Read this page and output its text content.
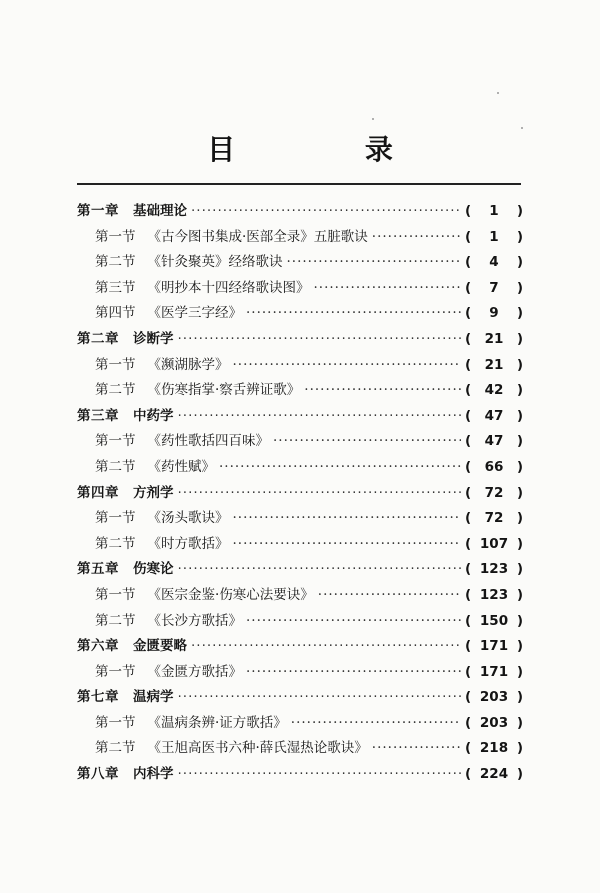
目 录
第一章 基础理论 ·····	(	1	)
第一节 《古今图书集成·医部全录》五脏歌诀 ·····	(	1	)
第二节 《针灸聚英》经络歌诀 ·····	(	4	)
第三节 《明抄本十四经络歌诀图》 ·····	(	7	)
第四节 《医学三字经》 ·····	(	9	)
第二章 诊断学 ·····	( 21 )
第一节 《濒湖脉学》 ·····	( 21 )
第二节 《伤寒指掌·察舌辨证歌》 ·····	( 42 )
第三章 中药学 ·····	( 47 )
第一节 《药性歌括四百味》 ·····	( 47 )
第二节 《药性赋》 ·····	( 66 )
第四章 方剂学 ·····	( 72 )
第一节 《汤头歌诀》 ·····	( 72 )
第二节 《时方歌括》 ·····	( 107 )
第五章 伤寒论 ·····	( 123 )
第一节 《医宗金鉴·伤寒心法要诀》 ·····	( 123 )
第二节 《长沙方歌括》 ·····	( 150 )
第六章 金匮要略 ·····	( 171 )
第一节 《金匮方歌括》 ·····	( 171 )
第七章 温病学 ·····	( 203 )
第一节 《温病条辨·证方歌括》 ·····	( 203 )
第二节 《王旭高医书六种·薛氏湿热论歌诀》 ·····	( 218 )
第八章 内科学 ·····	( 224 )
